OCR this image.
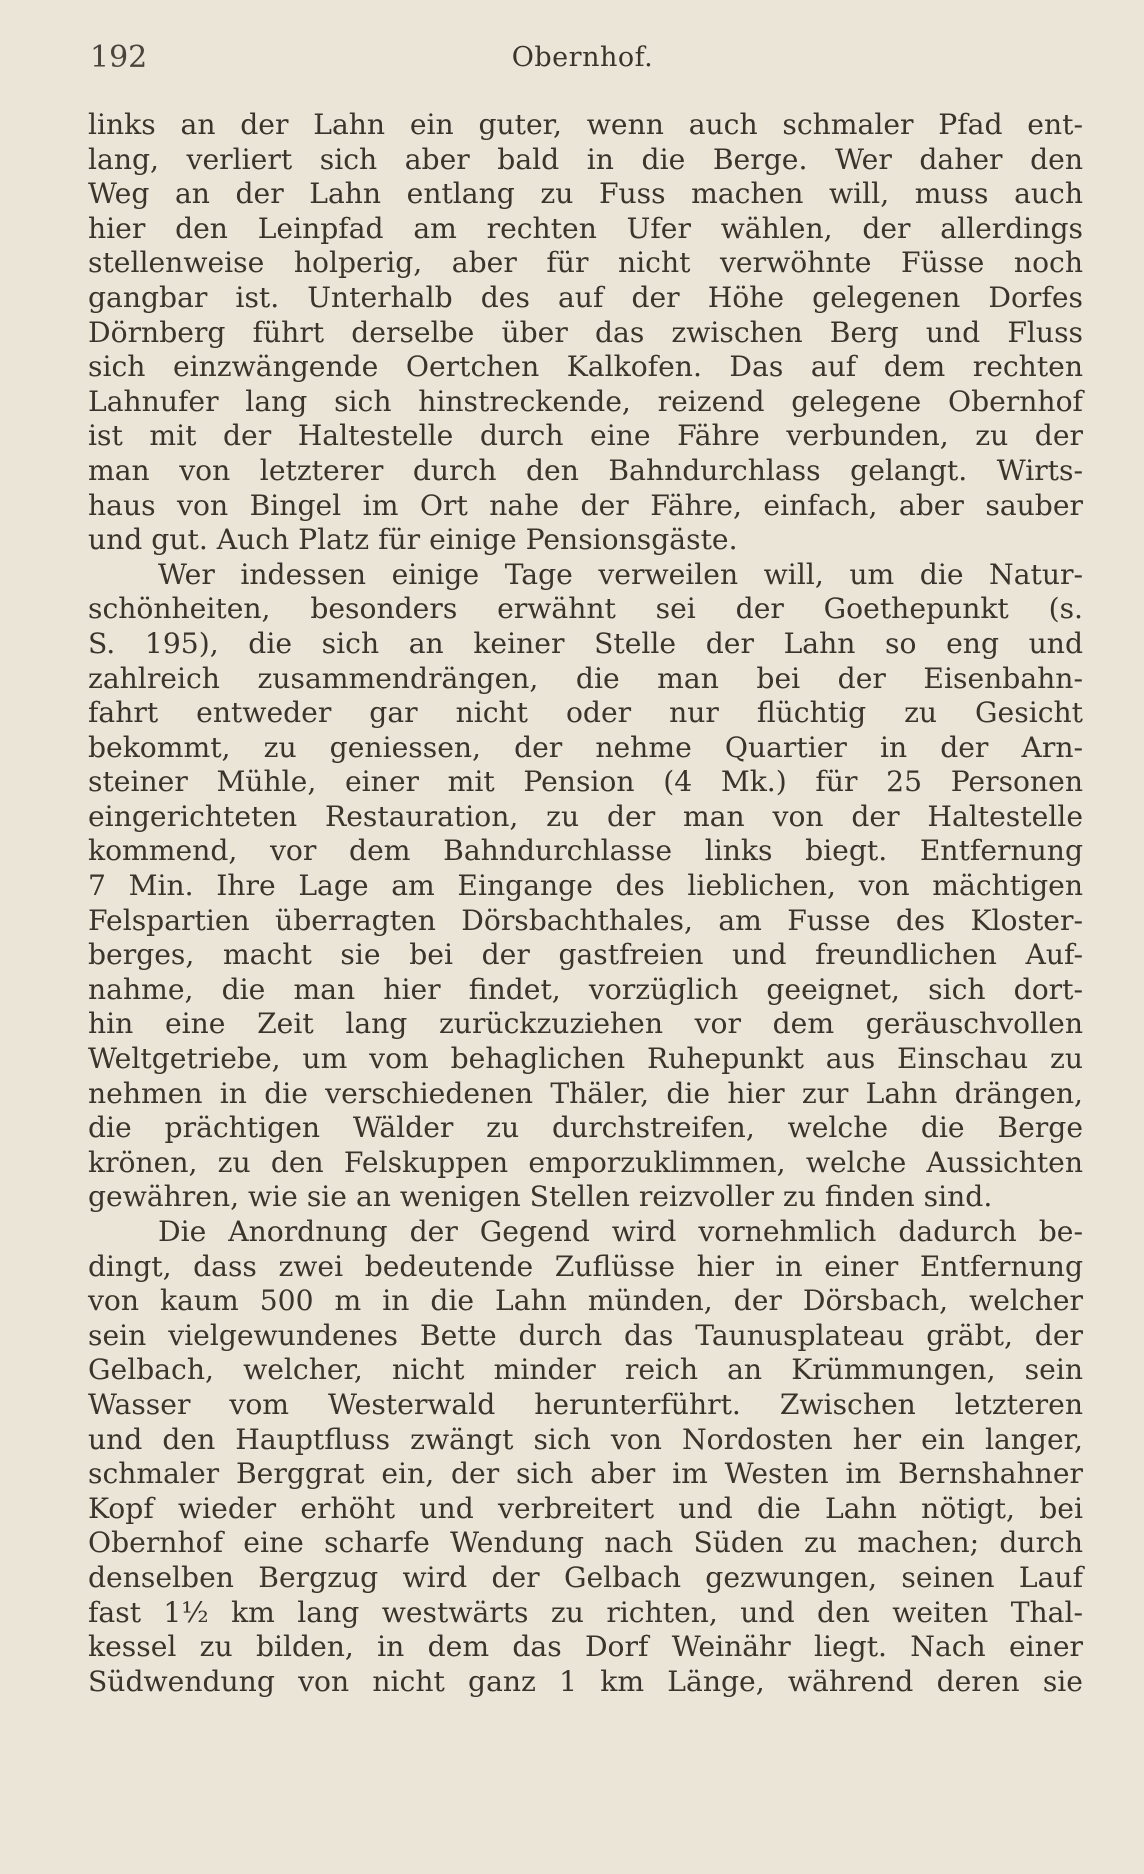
192	Obernhof.
links an der Lahn ein guter, wenn auch schmaler Pfad ent-
lang, verliert sich aber bald in die Berge. Wer daher den
Weg an der Lahn entlang zu Fuss machen will, muss auch
hier den Leinpfad am rechten Ufer wählen, der allerdings
stellenweise holperig, aber für nicht verwöhnte Füsse noch
gangbar ist. Unterhalb des auf der Höhe gelegenen Dorfes
Dörnberg führt derselbe über das zwischen Berg und Fluss
sich einzwängende Oertchen Kalkofen. Das auf dem rechten
Lahnufer lang sich hinstreckende, reizend gelegene Obernhof
ist mit der Haltestelle durch eine Fähre verbunden, zu der
man von letzterer durch den Bahndurchlass gelangt. Wirts-
haus von Bingel im Ort nahe der Fähre, einfach, aber sauber
und gut. Auch Platz für einige Pensionsgäste.
Wer indessen einige Tage verweilen will, um die Natur-
schönheiten, besonders erwähnt sei der Goethepunkt (s.
S. 195), die sich an keiner Stelle der Lahn so eng und
zahlreich zusammendrängen, die man bei der Eisenbahn-
fahrt entweder gar nicht oder nur flüchtig zu Gesicht
bekommt, zu geniessen, der nehme Quartier in der Arn-
steiner Mühle, einer mit Pension (4 Mk.) für 25 Personen
eingerichteten Restauration, zu der man von der Haltestelle
kommend, vor dem Bahndurchlasse links biegt. Entfernung
7 Min. Ihre Lage am Eingange des lieblichen, von mächtigen
Felspartien überragten Dörsbachthales, am Fusse des Kloster-
berges, macht sie bei der gastfreien und freundlichen Auf-
nahme, die man hier findet, vorzüglich geeignet, sich dort-
hin eine Zeit lang zurückzuziehen vor dem geräuschvollen
Weltgetriebe, um vom behaglichen Ruhepunkt aus Einschau zu
nehmen in die verschiedenen Thäler, die hier zur Lahn drängen,
die prächtigen Wälder zu durchstreifen, welche die Berge
krönen, zu den Felskuppen emporzuklimmen, welche Aussichten
gewähren, wie sie an wenigen Stellen reizvoller zu finden sind.
Die Anordnung der Gegend wird vornehmlich dadurch be-
dingt, dass zwei bedeutende Zuflüsse hier in einer Entfernung
von kaum 500 m in die Lahn münden, der Dörsbach, welcher
sein vielgewundenes Bette durch das Taunusplateau gräbt, der
Gelbach, welcher, nicht minder reich an Krümmungen, sein
Wasser vom Westerwald herunterführt. Zwischen letzteren
und den Hauptfluss zwängt sich von Nordosten her ein langer,
schmaler Berggrat ein, der sich aber im Westen im Bernshahner
Kopf wieder erhöht und verbreitert und die Lahn nötigt, bei
Obernhof eine scharfe Wendung nach Süden zu machen; durch
denselben Bergzug wird der Gelbach gezwungen, seinen Lauf
fast 1½ km lang westwärts zu richten, und den weiten Thal-
kessel zu bilden, in dem das Dorf Weinähr liegt. Nach einer
Südwendung von nicht ganz 1 km Länge, während deren sie
